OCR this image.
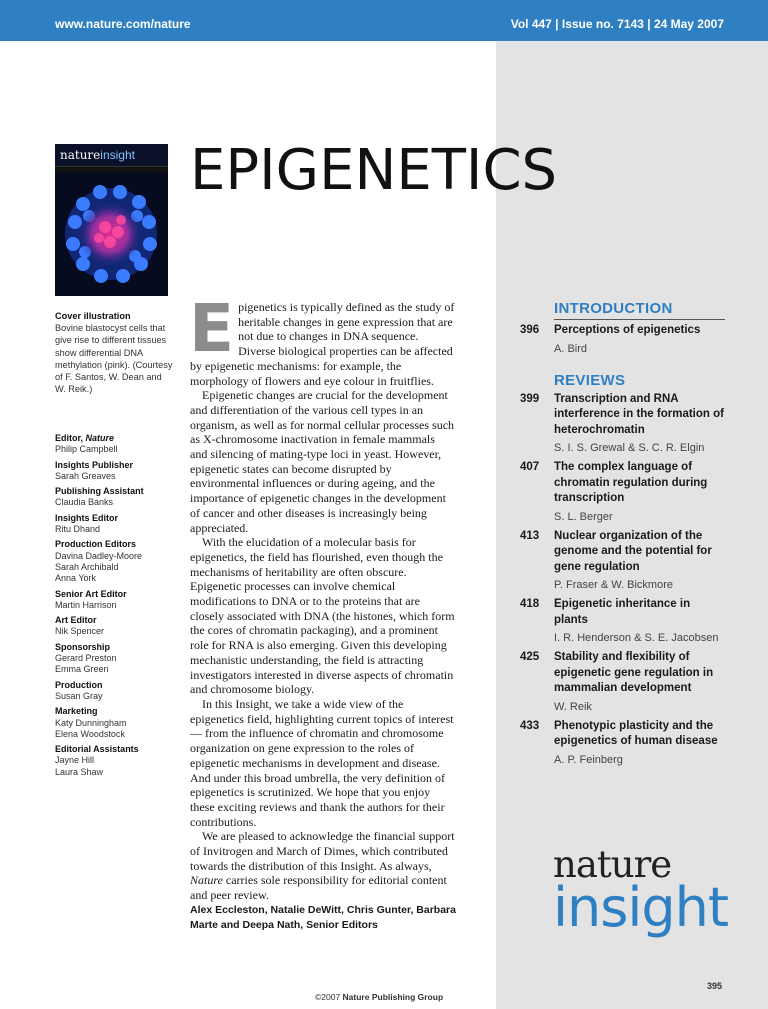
www.nature.com/nature	Vol 447 | Issue no. 7143 | 24 May 2007
natureinsight EPIGENETICS
Cover illustration
Bovine blastocyst cells that give rise to different tissues show differential DNA methylation (pink). (Courtesy of F. Santos, W. Dean and W. Reik.)
Editor, Nature
Philip Campbell
Insights Publisher
Sarah Greaves
Publishing Assistant
Claudia Banks
Insights Editor
Ritu Dhand
Production Editors
Davina Dadley-Moore
Sarah Archibald
Anna York
Senior Art Editor
Martin Harrison
Art Editor
Nik Spencer
Sponsorship
Gerard Preston
Emma Green
Production
Susan Gray
Marketing
Katy Dunningham
Elena Woodstock
Editorial Assistants
Jayne Hill
Laura Shaw

Epigenetics is typically defined as the study of heritable changes in gene expression that are not due to changes in DNA sequence. Diverse biological properties can be affected by epigenetic mechanisms: for example, the morphology of flowers and eye colour in fruitflies.

Epigenetic changes are crucial for the development and differentiation of the various cell types in an organism, as well as for normal cellular processes such as X-chromosome inactivation in female mammals and silencing of mating-type loci in yeast. However, epigenetic states can become disrupted by environmental influences or during ageing, and the importance of epigenetic changes in the development of cancer and other diseases is increasingly being appreciated.

With the elucidation of a molecular basis for epigenetics, the field has flourished, even though the mechanisms of heritability are often obscure. Epigenetic processes can involve chemical modifications to DNA or to the proteins that are closely associated with DNA (the histones, which form the cores of chromatin packaging), and a prominent role for RNA is also emerging. Given this developing mechanistic understanding, the field is attracting investigators interested in diverse aspects of chromatin and chromosome biology.

In this Insight, we take a wide view of the epigenetics field, highlighting current topics of interest — from the influence of chromatin and chromosome organization on gene expression to the roles of epigenetic mechanisms in development and disease. And under this broad umbrella, the very definition of epigenetics is scrutinized. We hope that you enjoy these exciting reviews and thank the authors for their contributions.

We are pleased to acknowledge the financial support of Invitrogen and March of Dimes, which contributed towards the distribution of this Insight. As always, Nature carries sole responsibility for editorial content and peer review.

Alex Eccleston, Natalie DeWitt, Chris Gunter, Barbara Marte and Deepa Nath, Senior Editors
INTRODUCTION
396	Perceptions of epigenetics
A. Bird
REVIEWS
399	Transcription and RNA interference in the formation of heterochromatin
S. I. S. Grewal & S. C. R. Elgin
407	The complex language of chromatin regulation during transcription
S. L. Berger
413	Nuclear organization of the genome and the potential for gene regulation
P. Fraser & W. Bickmore
418	Epigenetic inheritance in plants
I. R. Henderson & S. E. Jacobsen
425	Stability and flexibility of epigenetic gene regulation in mammalian development
W. Reik
433	Phenotypic plasticity and the epigenetics of human disease
A. P. Feinberg
nature
insight
395
©2007 Nature Publishing Group
